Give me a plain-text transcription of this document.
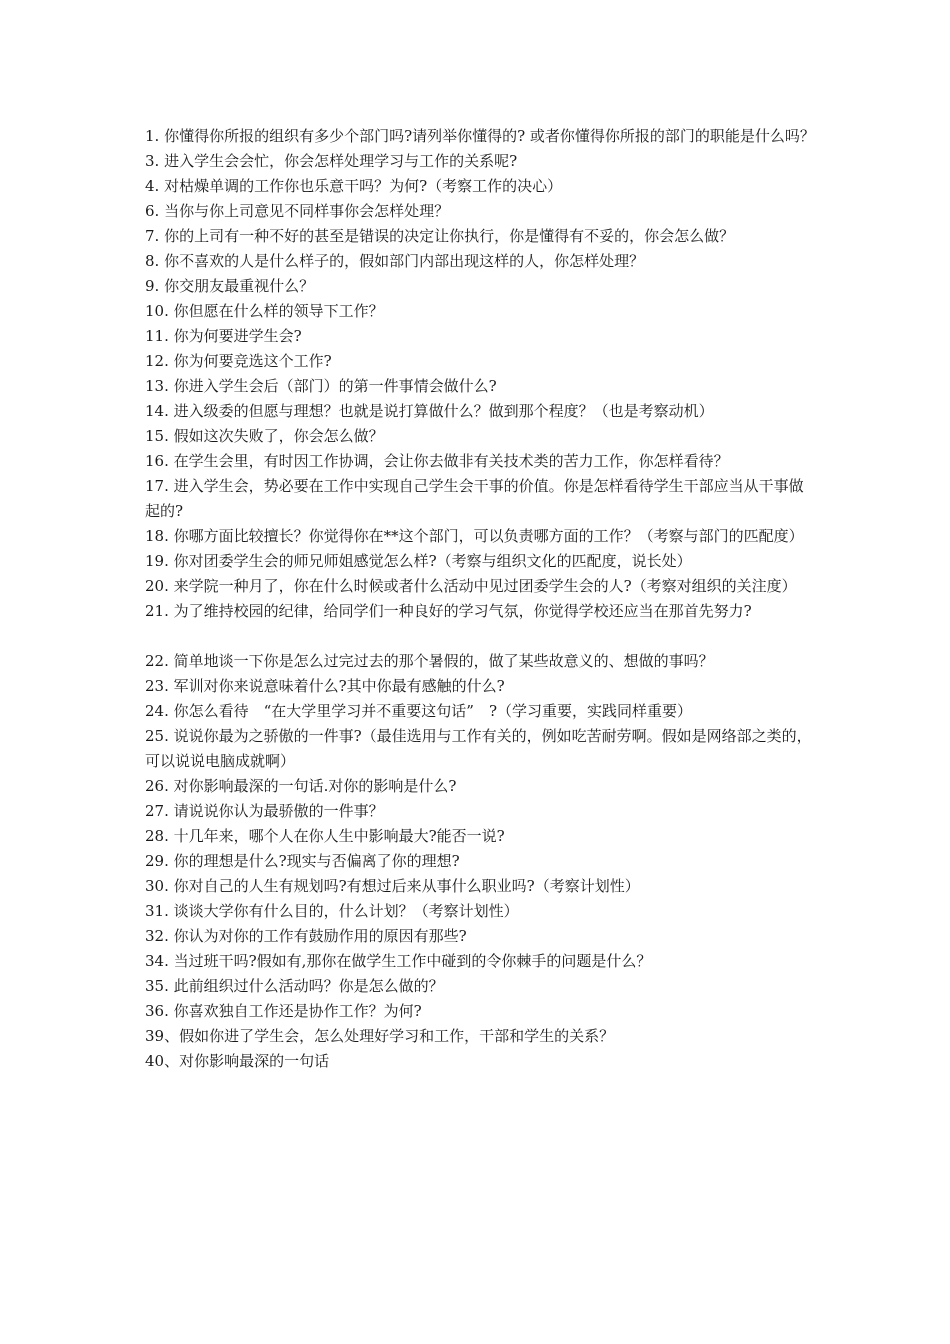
1. 你懂得你所报的组织有多少个部门吗?请列举你懂得的? 或者你懂得你所报的部门的职能是什么吗？

3. 进入学生会会忙，你会怎样处理学习与工作的关系呢?

4. 对枯燥单调的工作你也乐意干吗？为何?（考察工作的决心）

6. 当你与你上司意见不同样事你会怎样处理？

7. 你的上司有一种不好的甚至是错误的决定让你执行，你是懂得有不妥的，你会怎么做？

8. 你不喜欢的人是什么样子的，假如部门内部出现这样的人，你怎样处理？

9. 你交朋友最重视什么？

10. 你但愿在什么样的领导下工作？

11. 你为何要进学生会?

12. 你为何要竞选这个工作?

13. 你进入学生会后（部门）的第一件事情会做什么?

14. 进入级委的但愿与理想？也就是说打算做什么？做到那个程度？（也是考察动机）

15. 假如这次失败了，你会怎么做？

16. 在学生会里，有时因工作协调，会让你去做非有关技术类的苦力工作，你怎样看待？

17. 进入学生会，势必要在工作中实现自己学生会干事的价值。你是怎样看待学生干部应当从干事做起的?

18. 你哪方面比较擅长？你觉得你在**这个部门，可以负责哪方面的工作？（考察与部门的匹配度）

19. 你对团委学生会的师兄师姐感觉怎么样?（考察与组织文化的匹配度，说长处）

20. 来学院一种月了，你在什么时候或者什么活动中见过团委学生会的人?（考察对组织的关注度）

21. 为了维持校园的纪律，给同学们一种良好的学习气氛，你觉得学校还应当在那首先努力?

22. 简单地谈一下你是怎么过完过去的那个暑假的，做了某些故意义的、想做的事吗？

23. 军训对你来说意味着什么?其中你最有感触的什么?

24. 你怎么看待　“在大学里学习并不重要这句话”　?（学习重要，实践同样重要）

25. 说说你最为之骄傲的一件事?（最佳选用与工作有关的，例如吃苦耐劳啊。假如是网络部之类的，可以说说电脑成就啊）

26. 对你影响最深的一句话.对你的影响是什么?

27. 请说说你认为最骄傲的一件事？

28. 十几年来，哪个人在你人生中影响最大?能否一说?

29. 你的理想是什么?现实与否偏离了你的理想?

30. 你对自己的人生有规划吗?有想过后来从事什么职业吗?（考察计划性）

31. 谈谈大学你有什么目的，什么计划？（考察计划性）

32. 你认为对你的工作有鼓励作用的原因有那些?

34. 当过班干吗?假如有,那你在做学生工作中碰到的令你棘手的问题是什么？

35. 此前组织过什么活动吗？你是怎么做的？

36. 你喜欢独自工作还是协作工作？为何?

39、假如你进了学生会，怎么处理好学习和工作，干部和学生的关系？

40、对你影响最深的一句话
